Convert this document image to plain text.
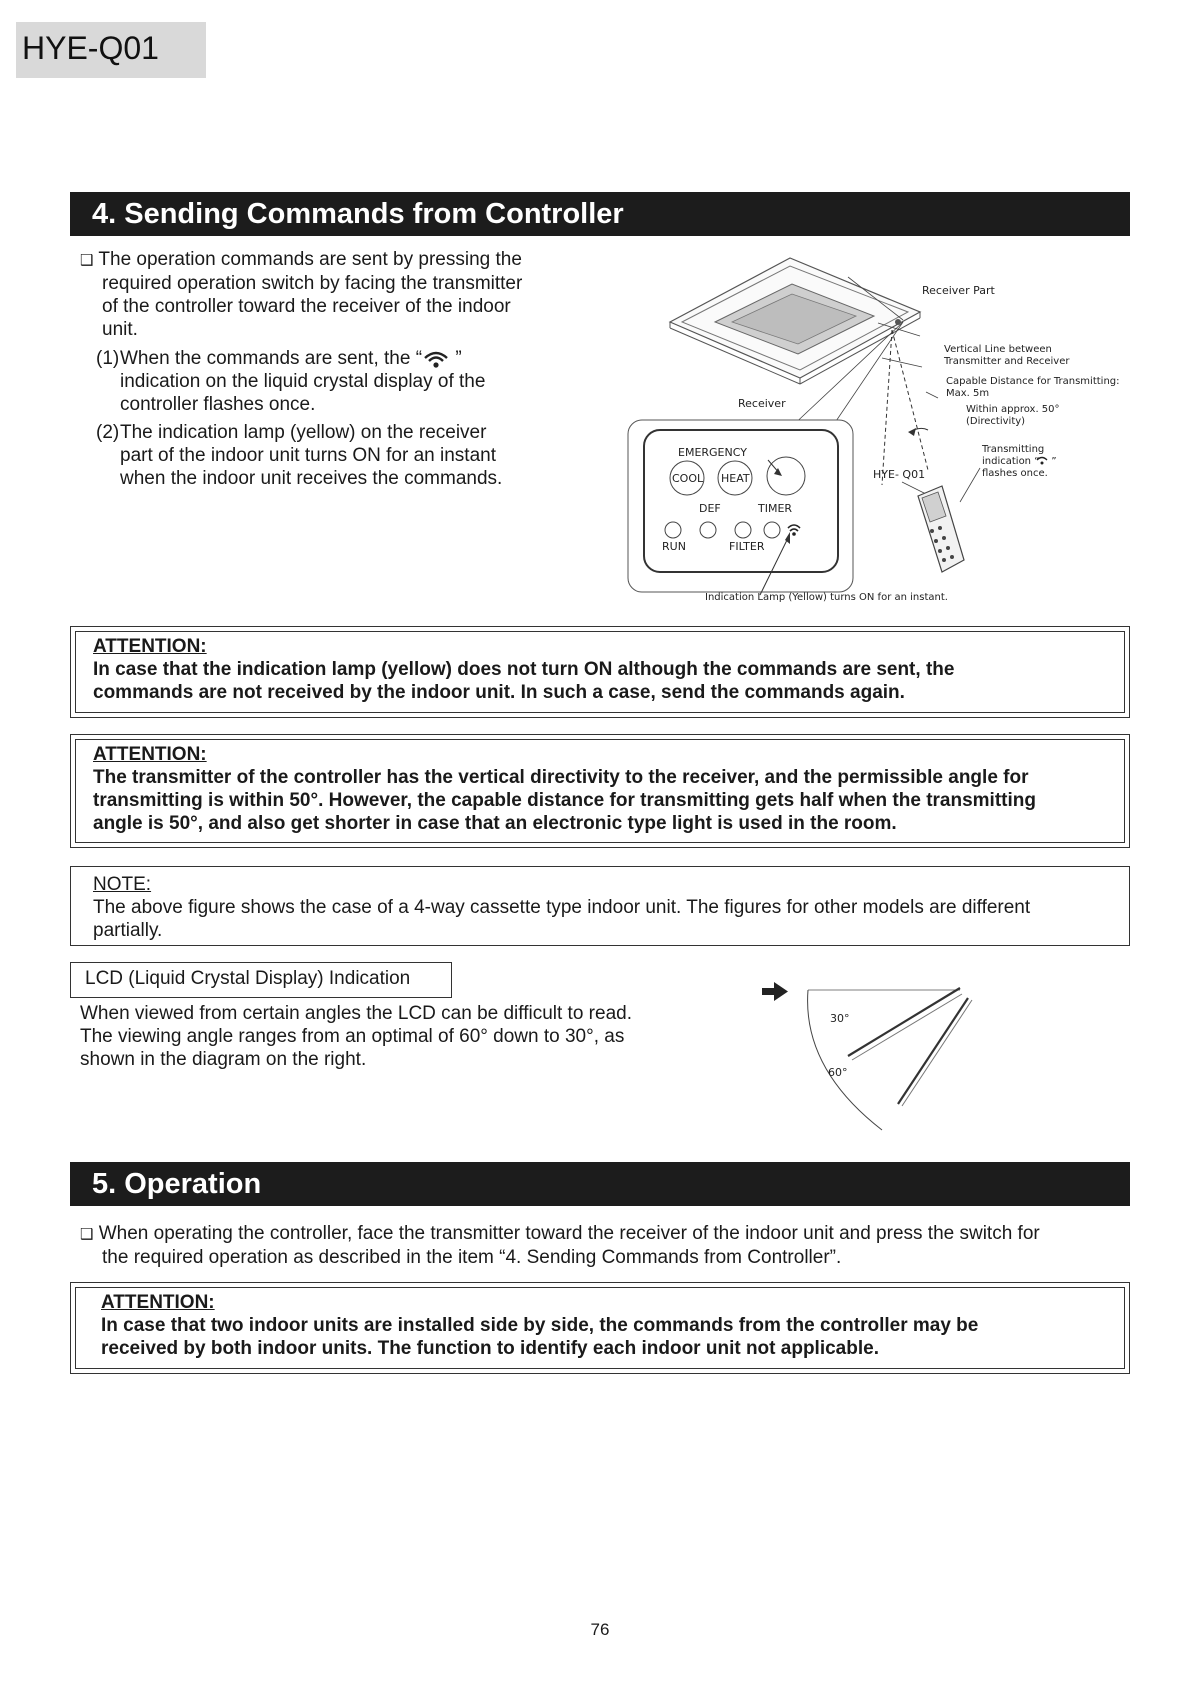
HYE-Q01
4. Sending Commands from Controller
❑ The operation commands are sent by pressing the
required operation switch by facing the transmitter
of the controller toward the receiver of the indoor
unit.
(1) When the commands are sent, the “ ”
indication on the liquid crystal display of the
controller flashes once.
(2) The indication lamp (yellow) on the receiver
part of the indoor unit turns ON for an instant
when the indoor unit receives the commands.
Receiver Part
Vertical Line between
Transmitter and Receiver
Capable Distance for Transmitting:
Max. 5m
Within approx. 50°
(Directivity)
Receiver
EMERGENCY
COOL HEAT
DEF	TIMER
RUN	FILTER
HYE- Q01
Transmitting
indication “ ”
flashes once.
Indication Lamp (Yellow) turns ON for an instant.
ATTENTION:
In case that the indication lamp (yellow) does not turn ON although the commands are sent, the
commands are not received by the indoor unit. In such a case, send the commands again.
ATTENTION:
The transmitter of the controller has the vertical directivity to the receiver, and the permissible angle for
transmitting is within 50°. However, the capable distance for transmitting gets half when the transmitting
angle is 50°, and also get shorter in case that an electronic type light is used in the room.
NOTE:
The above figure shows the case of a 4-way cassette type indoor unit. The figures for other models are different
partially.
LCD (Liquid Crystal Display) Indication
When viewed from certain angles the LCD can be difficult to read.
The viewing angle ranges from an optimal of 60° down to 30°, as
shown in the diagram on the right.
30°
60°
5. Operation
❑ When operating the controller, face the transmitter toward the receiver of the indoor unit and press the switch for
the required operation as described in the item “4. Sending Commands from Controller”.
ATTENTION:
In case that two indoor units are installed side by side, the commands from the controller may be
received by both indoor units. The function to identify each indoor unit not applicable.
76
